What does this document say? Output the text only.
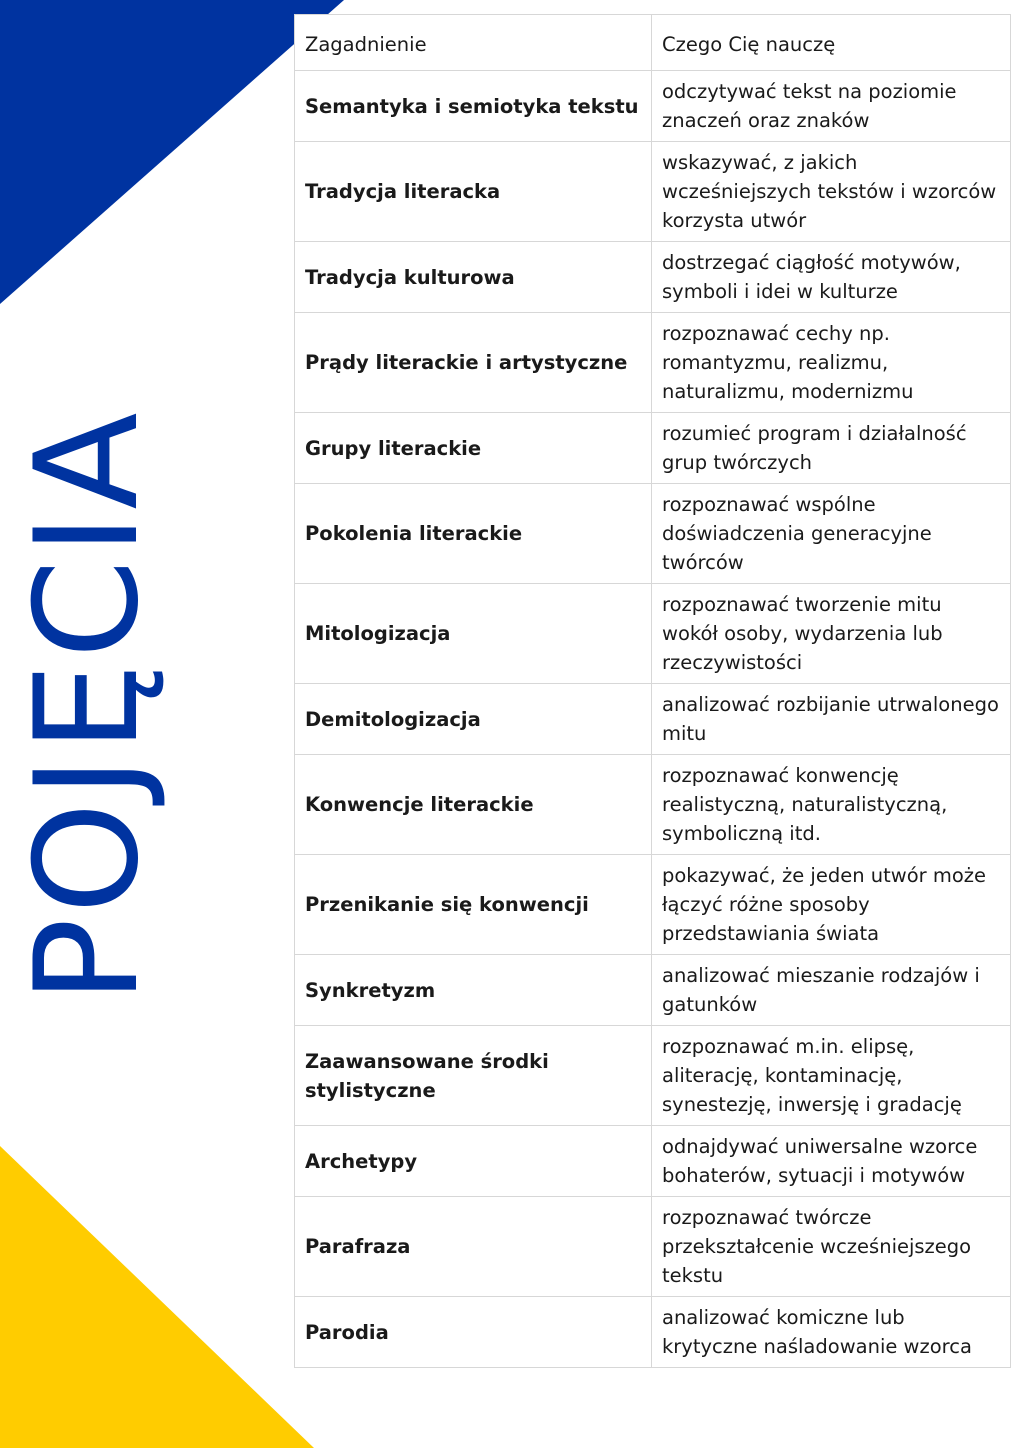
POJĘCIA
Zagadnienie	Czego Cię nauczę
Semantyka i semiotyka tekstu	odczytywać tekst na poziomie znaczeń oraz znaków
Tradycja literacka	wskazywać, z jakich wcześniejszych tekstów i wzorców korzysta utwór
Tradycja kulturowa	dostrzegać ciągłość motywów, symboli i idei w kulturze
Prądy literackie i artystyczne	rozpoznawać cechy np. romantyzmu, realizmu, naturalizmu, modernizmu
Grupy literackie	rozumieć program i działalność grup twórczych
Pokolenia literackie	rozpoznawać wspólne doświadczenia generacyjne twórców
Mitologizacja	rozpoznawać tworzenie mitu wokół osoby, wydarzenia lub rzeczywistości
Demitologizacja	analizować rozbijanie utrwalonego mitu
Konwencje literackie	rozpoznawać konwencję realistyczną, naturalistyczną, symboliczną itd.
Przenikanie się konwencji	pokazywać, że jeden utwór może łączyć różne sposoby przedstawiania świata
Synkretyzm	analizować mieszanie rodzajów i gatunków
Zaawansowane środki stylistyczne	rozpoznawać m.in. elipsę, aliterację, kontaminację, synestezję, inwersję i gradację
Archetypy	odnajdywać uniwersalne wzorce bohaterów, sytuacji i motywów
Parafraza	rozpoznawać twórcze przekształcenie wcześniejszego tekstu
Parodia	analizować komiczne lub krytyczne naśladowanie wzorca
